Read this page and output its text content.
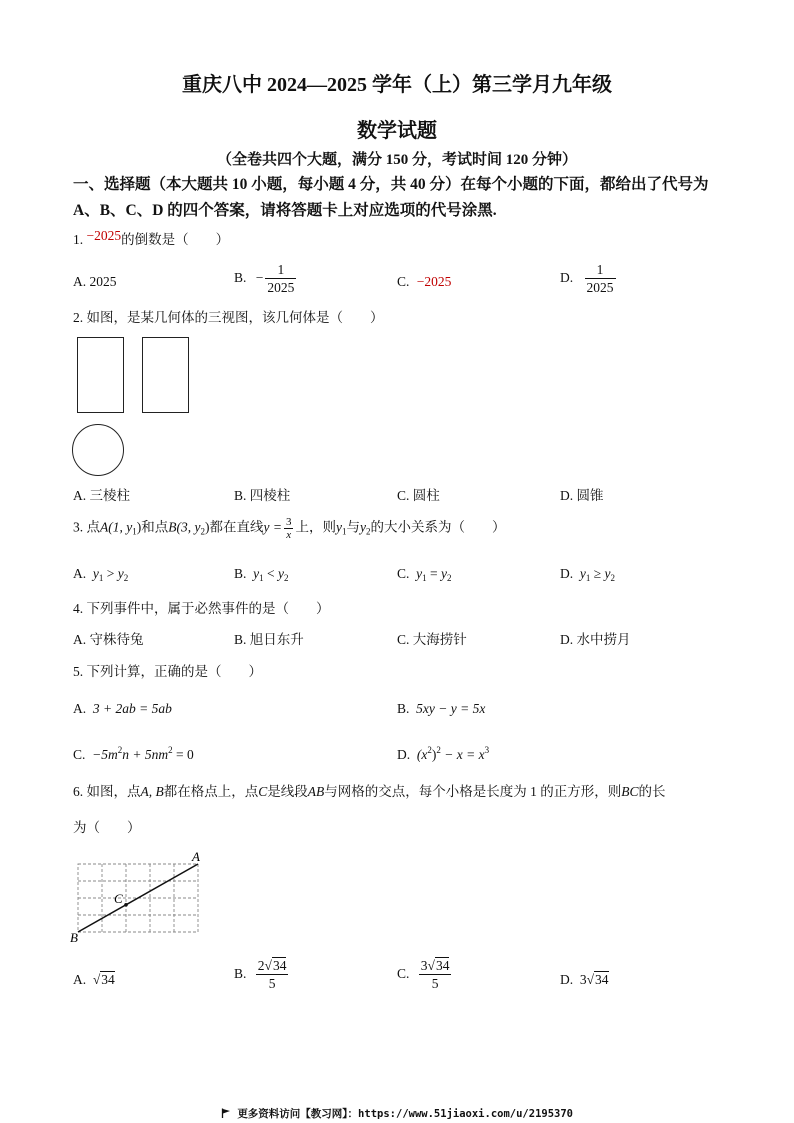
重庆八中 2024—2025 学年（上）第三学月九年级
数学试题
（全卷共四个大题，满分 150 分，考试时间 120 分钟）
一、选择题（本大题共 10 小题，每小题 4 分，共 40 分）在每个小题的下面，都给出了代号为 A、B、C、D 的四个答案，请将答题卡上对应选项的代号涂黑.
1. −2025的倒数是（　　）
A. 2025	B. − $\frac{1}{2025}$	C. −2025	D. $\frac{1}{2025}$
2. 如图，是某几何体的三视图，该几何体是（　　）
A. 三棱柱	B. 四棱柱	C. 圆柱	D. 圆锥
3. 点A(1, $y_1$)和点B(3, $y_2$)都在直线$y = \frac{3}{x}$ 上，则$y_1$与$y_2$的大小关系为（　　）
A. $y_1 > y_2$	B. $y_1 < y_2$	C. $y_1 = y_2$	D. $y_1 \ge y_2$
4. 下列事件中，属于必然事件的是（　　）
A. 守株待兔	B. 旭日东升	C. 大海捞针	D. 水中捞月
5. 下列计算，正确的是（　　）
A. 3 + 2ab = 5ab	B. 5xy − y = 5x
C. $-5m^2n + 5nm^2 = 0$	D. $(x^2)^2 - x = x^3$
6. 如图，点A, B都在格点上，点C是线段AB与网格的交点，每个小格是长度为 1 的正方形，则BC的长
为（　　）
A
B
C
A. √34	B. $\frac{2√34}{5}$	C. $\frac{3√34}{5}$	D. 3√34
更多资料访问【教习网】：https://www.51jiaoxi.com/u/2195370
